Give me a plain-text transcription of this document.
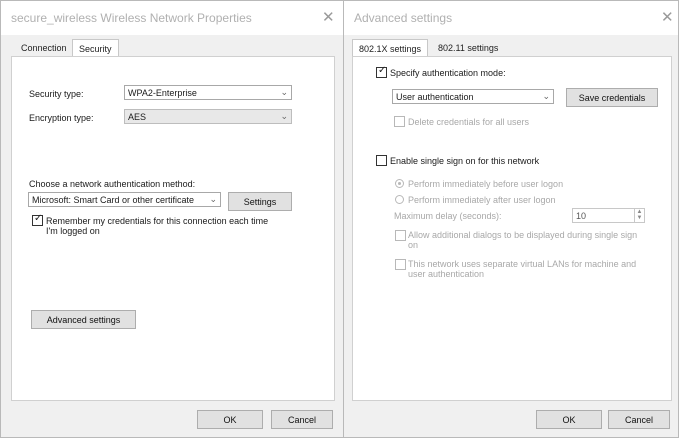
secure_wireless Wireless Network Properties	✕
Connection	Security
Security type:	WPA2-Enterprise	⌄
Encryption type:	AES	⌄
Choose a network authentication method:
Microsoft: Smart Card or other certificate ⌄	Settings
✓ Remember my credentials for this connection each time I'm logged on
Advanced settings
OK	Cancel
Advanced settings	✕
802.1X settings	802.11 settings
✓ Specify authentication mode:
User authentication	⌄	Save credentials
Delete credentials for all users
Enable single sign on for this network
Perform immediately before user logon
Perform immediately after user logon
Maximum delay (seconds):	10	▲
▼
Allow additional dialogs to be displayed during single sign on
This network uses separate virtual LANs for machine and user authentication
OK	Cancel
